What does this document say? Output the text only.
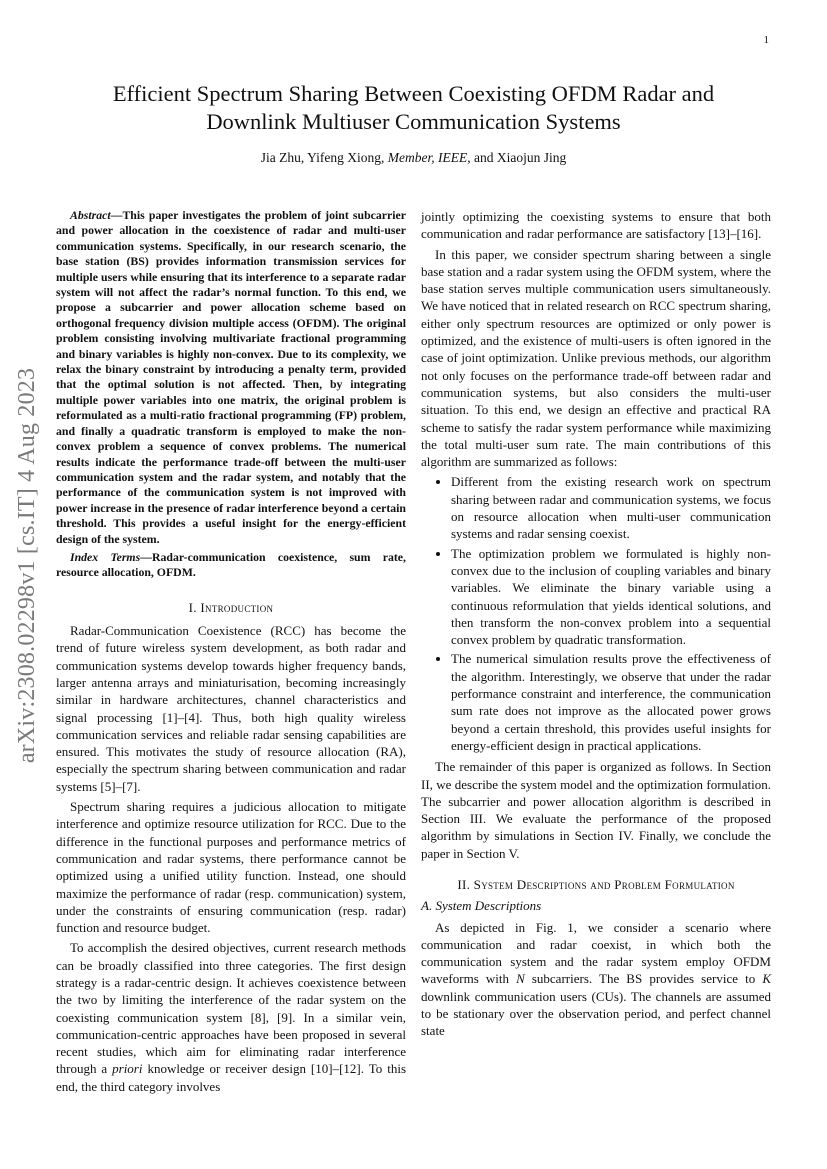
1
arXiv:2308.02298v1 [cs.IT] 4 Aug 2023
Efficient Spectrum Sharing Between Coexisting OFDM Radar and
Downlink Multiuser Communication Systems
Jia Zhu, Yifeng Xiong, Member, IEEE, and Xiaojun Jing

Abstract—This paper investigates the problem of joint subcarrier and power allocation in the coexistence of radar and multi-user communication systems. Specifically, in our research scenario, the base station (BS) provides information transmission services for multiple users while ensuring that its interference to a separate radar system will not affect the radar’s normal function. To this end, we propose a subcarrier and power allocation scheme based on orthogonal frequency division multiple access (OFDM). The original problem consisting involving multivariate fractional programming and binary variables is highly non-convex. Due to its complexity, we relax the binary constraint by introducing a penalty term, provided that the optimal solution is not affected. Then, by integrating multiple power variables into one matrix, the original problem is reformulated as a multi-ratio fractional programming (FP) problem, and finally a quadratic transform is employed to make the non-convex problem a sequence of convex problems. The numerical results indicate the performance trade-off between the multi-user communication system and the radar system, and notably that the performance of the communication system is not improved with power increase in the presence of radar interference beyond a certain threshold. This provides a useful insight for the energy-efficient design of the system.

Index Terms—Radar-communication coexistence, sum rate, resource allocation, OFDM.

I. Introduction

Radar-Communication Coexistence (RCC) has become the trend of future wireless system development, as both radar and communication systems develop towards higher frequency bands, larger antenna arrays and miniaturisation, becoming increasingly similar in hardware architectures, channel characteristics and signal processing [1]–[4]. Thus, both high quality wireless communication services and reliable radar sensing capabilities are ensured. This motivates the study of resource allocation (RA), especially the spectrum sharing between communication and radar systems [5]–[7].

Spectrum sharing requires a judicious allocation to mitigate interference and optimize resource utilization for RCC. Due to the difference in the functional purposes and performance metrics of communication and radar systems, there performance cannot be optimized using a unified utility function. Instead, one should maximize the performance of radar (resp. communication) system, under the constraints of ensuring communication (resp. radar) function and resource budget.

To accomplish the desired objectives, current research methods can be broadly classified into three categories. The first design strategy is a radar-centric design. It achieves coexistence between the two by limiting the interference of the radar system on the coexisting communication system [8], [9]. In a similar vein, communication-centric approaches have been proposed in several recent studies, which aim for eliminating radar interference through a priori knowledge or receiver design [10]–[12]. To this end, the third category involves

jointly optimizing the coexisting systems to ensure that both communication and radar performance are satisfactory [13]–[16].

In this paper, we consider spectrum sharing between a single base station and a radar system using the OFDM system, where the base station serves multiple communication users simultaneously. We have noticed that in related research on RCC spectrum sharing, either only spectrum resources are optimized or only power is optimized, and the existence of multi-users is often ignored in the case of joint optimization. Unlike previous methods, our algorithm not only focuses on the performance trade-off between radar and communication systems, but also considers the multi-user situation. To this end, we design an effective and practical RA scheme to satisfy the radar system performance while maximizing the total multi-user sum rate. The main contributions of this algorithm are summarized as follows:

• Different from the existing research work on spectrum sharing between radar and communication systems, we focus on resource allocation when multi-user communication systems and radar sensing coexist.
• The optimization problem we formulated is highly non-convex due to the inclusion of coupling variables and binary variables. We eliminate the binary variable using a continuous reformulation that yields identical solutions, and then transform the non-convex problem into a sequential convex problem by quadratic transformation.
• The numerical simulation results prove the effectiveness of the algorithm. Interestingly, we observe that under the radar performance constraint and interference, the communication sum rate does not improve as the allocated power grows beyond a certain threshold, this provides useful insights for energy-efficient design in practical applications.

The remainder of this paper is organized as follows. In Section II, we describe the system model and the optimization formulation. The subcarrier and power allocation algorithm is described in Section III. We evaluate the performance of the proposed algorithm by simulations in Section IV. Finally, we conclude the paper in Section V.

II. System Descriptions and Problem Formulation
A. System Descriptions

As depicted in Fig. 1, we consider a scenario where communication and radar coexist, in which both the communication system and the radar system employ OFDM waveforms with N subcarriers. The BS provides service to K downlink communication users (CUs). The channels are assumed to be stationary over the observation period, and perfect channel state
